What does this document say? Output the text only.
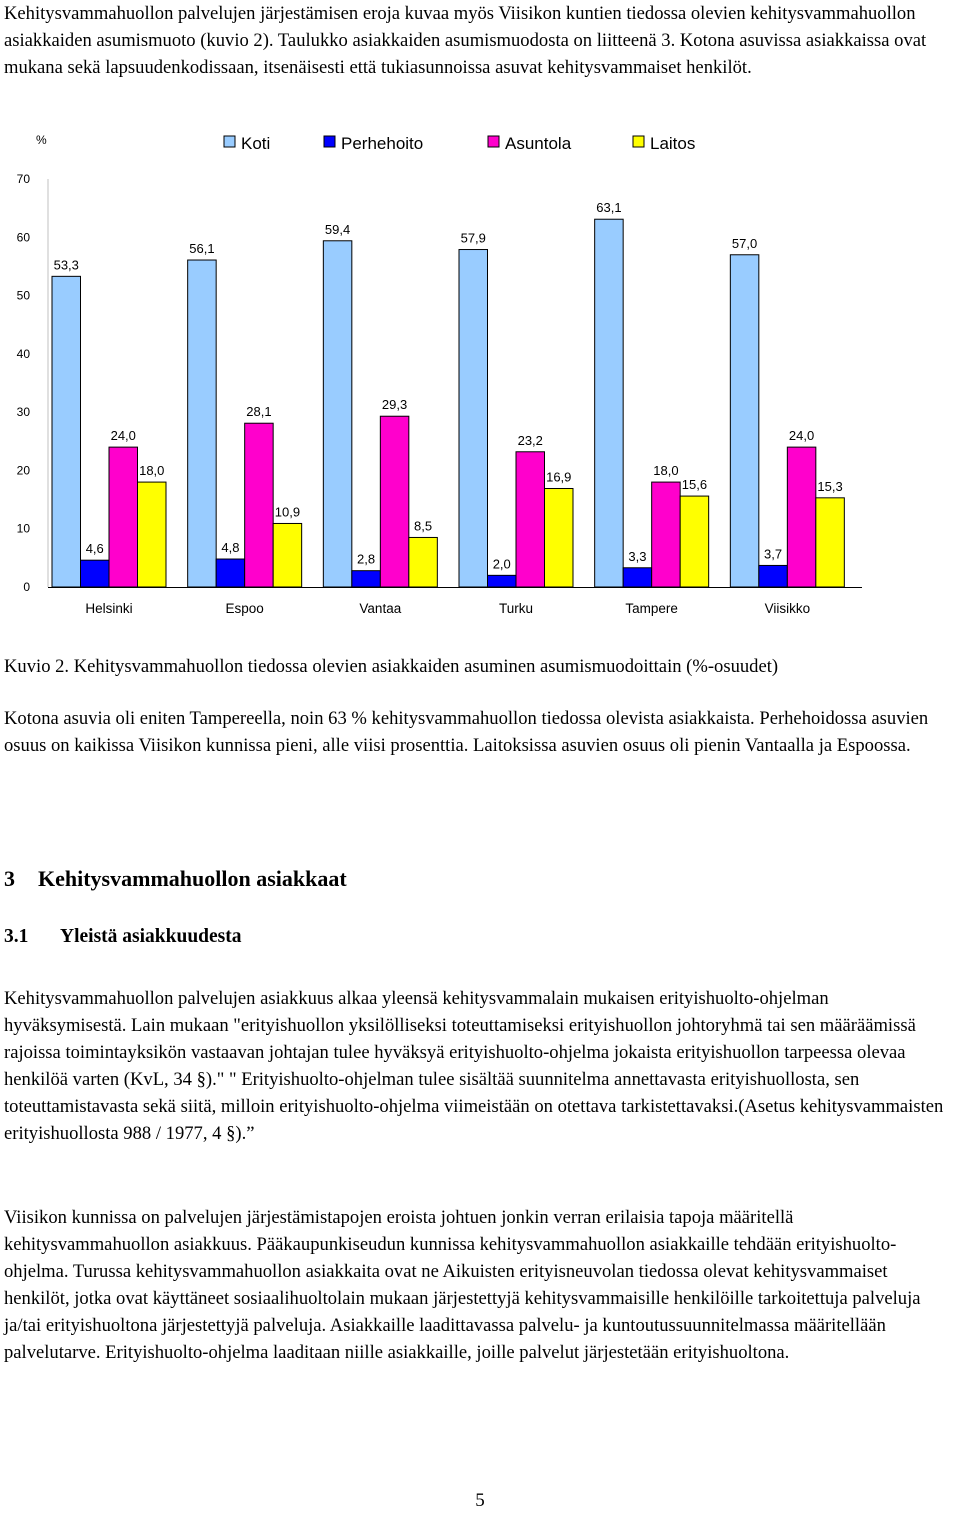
Kehitysvammahuollon palvelujen järjestämisen eroja kuvaa myös Viisikon kuntien tiedossa olevien kehitysvammahuollon asiakkaiden asumismuoto (kuvio 2). Taulukko asiakkaiden asumismuodosta on liitteenä 3. Kotona asuvissa asiakkaissa ovat mukana sekä lapsuudenkodissaan, itsenäisesti että tukiasunnoissa asuvat kehitysvammaiset henkilöt.

Koti	Perhehoito	Asuntola	Laitos
%
0
10
20
30
40
50
60
70
53,3
4,6
24,0
18,0
56,1
4,8
28,1
10,9
59,4
2,8
29,3
8,5
57,9
2,0
23,2
16,9
63,1
3,3
18,0
15,6
57,0
3,7
24,0
15,3
Helsinki	Espoo	Vantaa	Turku	Tampere	Viisikko

Kuvio 2. Kehitysvammahuollon tiedossa olevien asiakkaiden asuminen asumismuodoittain (%-osuudet)

Kotona asuvia oli eniten Tampereella, noin 63 % kehitysvammahuollon tiedossa olevista asiakkaista. Perhehoidossa asuvien osuus on kaikissa Viisikon kunnissa pieni, alle viisi prosenttia. Laitoksissa asuvien osuus oli pienin Vantaalla ja Espoossa.

3 Kehitysvammahuollon asiakkaat
3.1 Yleistä asiakkuudesta

Kehitysvammahuollon palvelujen asiakkuus alkaa yleensä kehitysvammalain mukaisen erityishuolto-ohjelman hyväksymisestä. Lain mukaan "erityishuollon yksilölliseksi toteuttamiseksi erityishuollon johtoryhmä tai sen määräämissä rajoissa toimintayksikön vastaavan johtajan tulee hyväksyä erityishuolto-ohjelma jokaista erityishuollon tarpeessa olevaa henkilöä varten (KvL, 34 §)." " Erityishuolto-ohjelman tulee sisältää suunnitelma annettavasta erityishuollosta, sen toteuttamistavasta sekä siitä, milloin erityishuolto-ohjelma viimeistään on otettava tarkistettavaksi.(Asetus kehitysvammaisten erityishuollosta 988 / 1977, 4 §).”

Viisikon kunnissa on palvelujen järjestämistapojen eroista johtuen jonkin verran erilaisia tapoja määritellä kehitysvammahuollon asiakkuus. Pääkaupunkiseudun kunnissa kehitysvammahuollon asiakkaille tehdään erityishuolto-ohjelma. Turussa kehitysvammahuollon asiakkaita ovat ne Aikuisten erityisneuvolan tiedossa olevat kehitysvammaiset henkilöt, jotka ovat käyttäneet sosiaalihuoltolain mukaan järjestettyjä kehitysvammaisille henkilöille tarkoitettuja palveluja ja/tai erityishuoltona järjestettyjä palveluja. Asiakkaille laadittavassa palvelu- ja kuntoutussuunnitelmassa määritellään palvelutarve. Erityishuolto-ohjelma laaditaan niille asiakkaille, joille palvelut järjestetään erityishuoltona.

5
